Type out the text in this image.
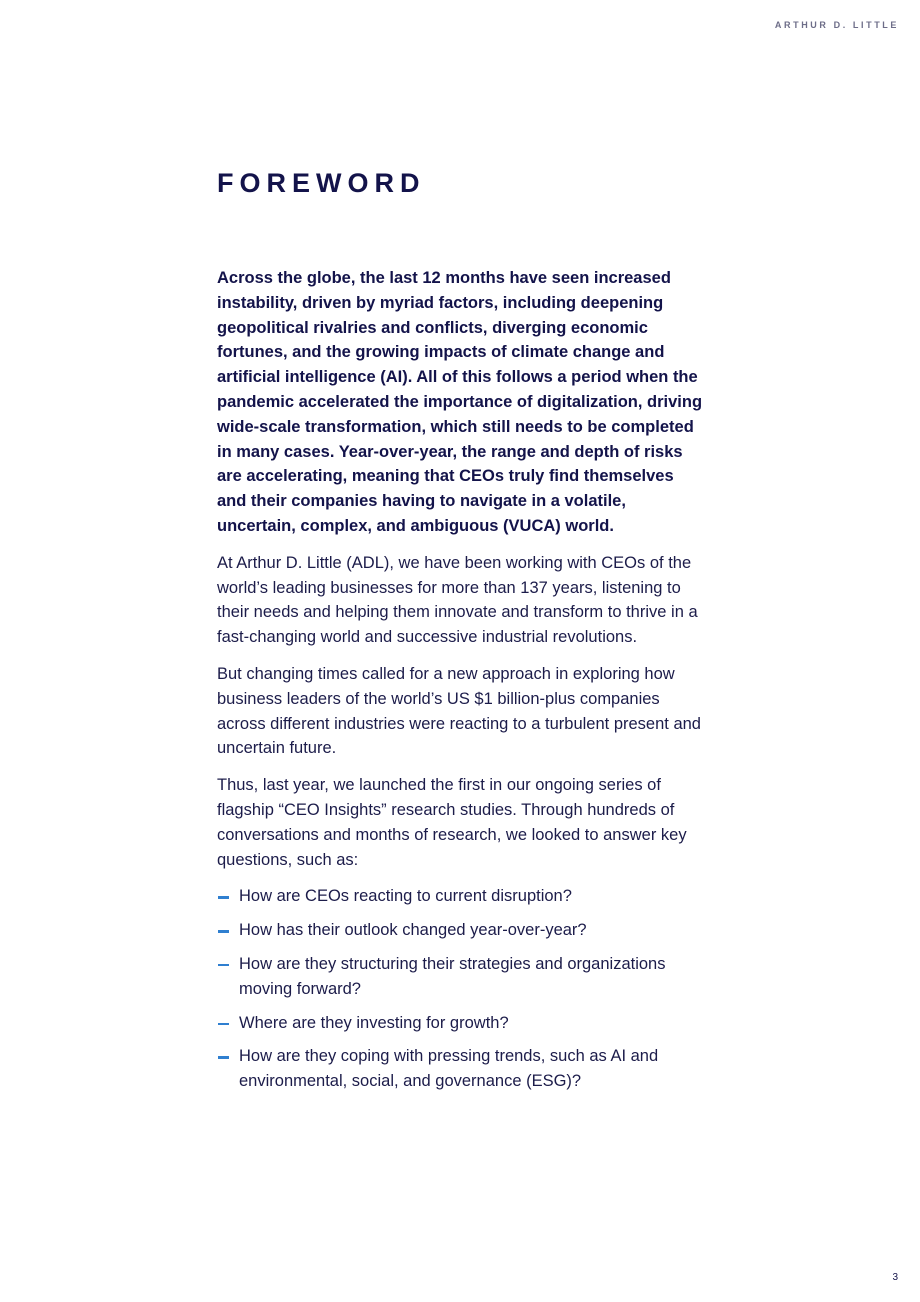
ARTHUR D. LITTLE
FOREWORD

Across the globe, the last 12 months have seen increased instability, driven by myriad factors, including deepening geopolitical rivalries and conflicts, diverging economic fortunes, and the growing impacts of climate change and artificial intelligence (AI). All of this follows a period when the pandemic accelerated the importance of digitalization, driving wide-scale transformation, which still needs to be completed in many cases. Year-over-year, the range and depth of risks are accelerating, meaning that CEOs truly find themselves and their companies having to navigate in a volatile, uncertain, complex, and ambiguous (VUCA) world.

At Arthur D. Little (ADL), we have been working with CEOs of the world’s leading businesses for more than 137 years, listening to their needs and helping them innovate and transform to thrive in a fast-changing world and successive industrial revolutions.

But changing times called for a new approach in exploring how business leaders of the world’s US $1 billion-plus companies across different industries were reacting to a turbulent present and uncertain future.

Thus, last year, we launched the first in our ongoing series of flagship “CEO Insights” research studies. Through hundreds of conversations and months of research, we looked to answer key questions, such as:

How are CEOs reacting to current disruption?
How has their outlook changed year-over-year?
How are they structuring their strategies and organizations moving forward?
Where are they investing for growth?
How are they coping with pressing trends, such as AI and environmental, social, and governance (ESG)?
3
